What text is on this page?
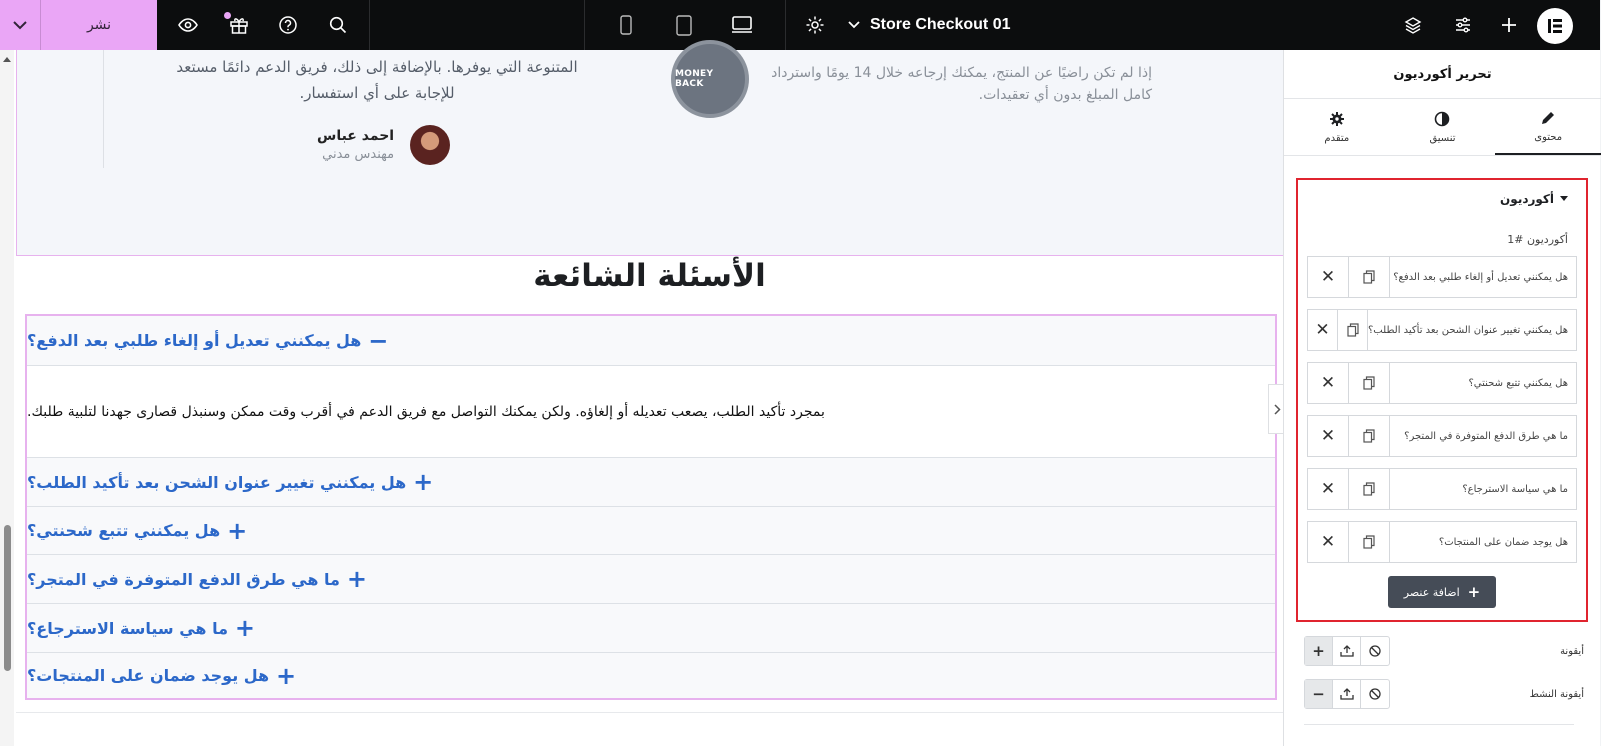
نشر	Store Checkout 01
المتنوعة التي يوفرها. بالإضافة إلى ذلك، فريق الدعم دائمًا مستعد للإجابة على أي استفسار.
احمد عباس
مهندس مدني
MONEY BACK
إذا لم تكن راضيًا عن المنتج، يمكنك إرجاعه خلال 14 يومًا واسترداد كامل المبلغ بدون أي تعقيدات.
الأسئلة الشائعة
−
هل يمكنني تعديل أو إلغاء طلبي بعد الدفع؟
بمجرد تأكيد الطلب، يصعب تعديله أو إلغاؤه. ولكن يمكنك التواصل مع فريق الدعم في أقرب وقت ممكن وسنبذل قصارى جهدنا لتلبية طلبك.
+
هل يمكنني تغيير عنوان الشحن بعد تأكيد الطلب؟
+
هل يمكنني تتبع شحنتي؟
+
ما هي طرق الدفع المتوفرة في المتجر؟
+
ما هي سياسة الاسترجاع؟
+
هل يوجد ضمان على المنتجات؟
تحرير أكورديون
محتوى
تنسيق
متقدم
أكورديون
أكورديون #1
✕	هل يمكنني تعديل أو إلغاء طلبي بعد الدفع؟
✕	هل يمكنني تغيير عنوان الشحن بعد تأكيد الطلب؟
✕	هل يمكنني تتبع شحنتي؟
✕	ما هي طرق الدفع المتوفرة في المتجر؟
✕	ما هي سياسة الاسترجاع؟
✕	هل يوجد ضمان على المنتجات؟
+
اضافة عنصر
أيقونة
+
أيقونة النشط
−
